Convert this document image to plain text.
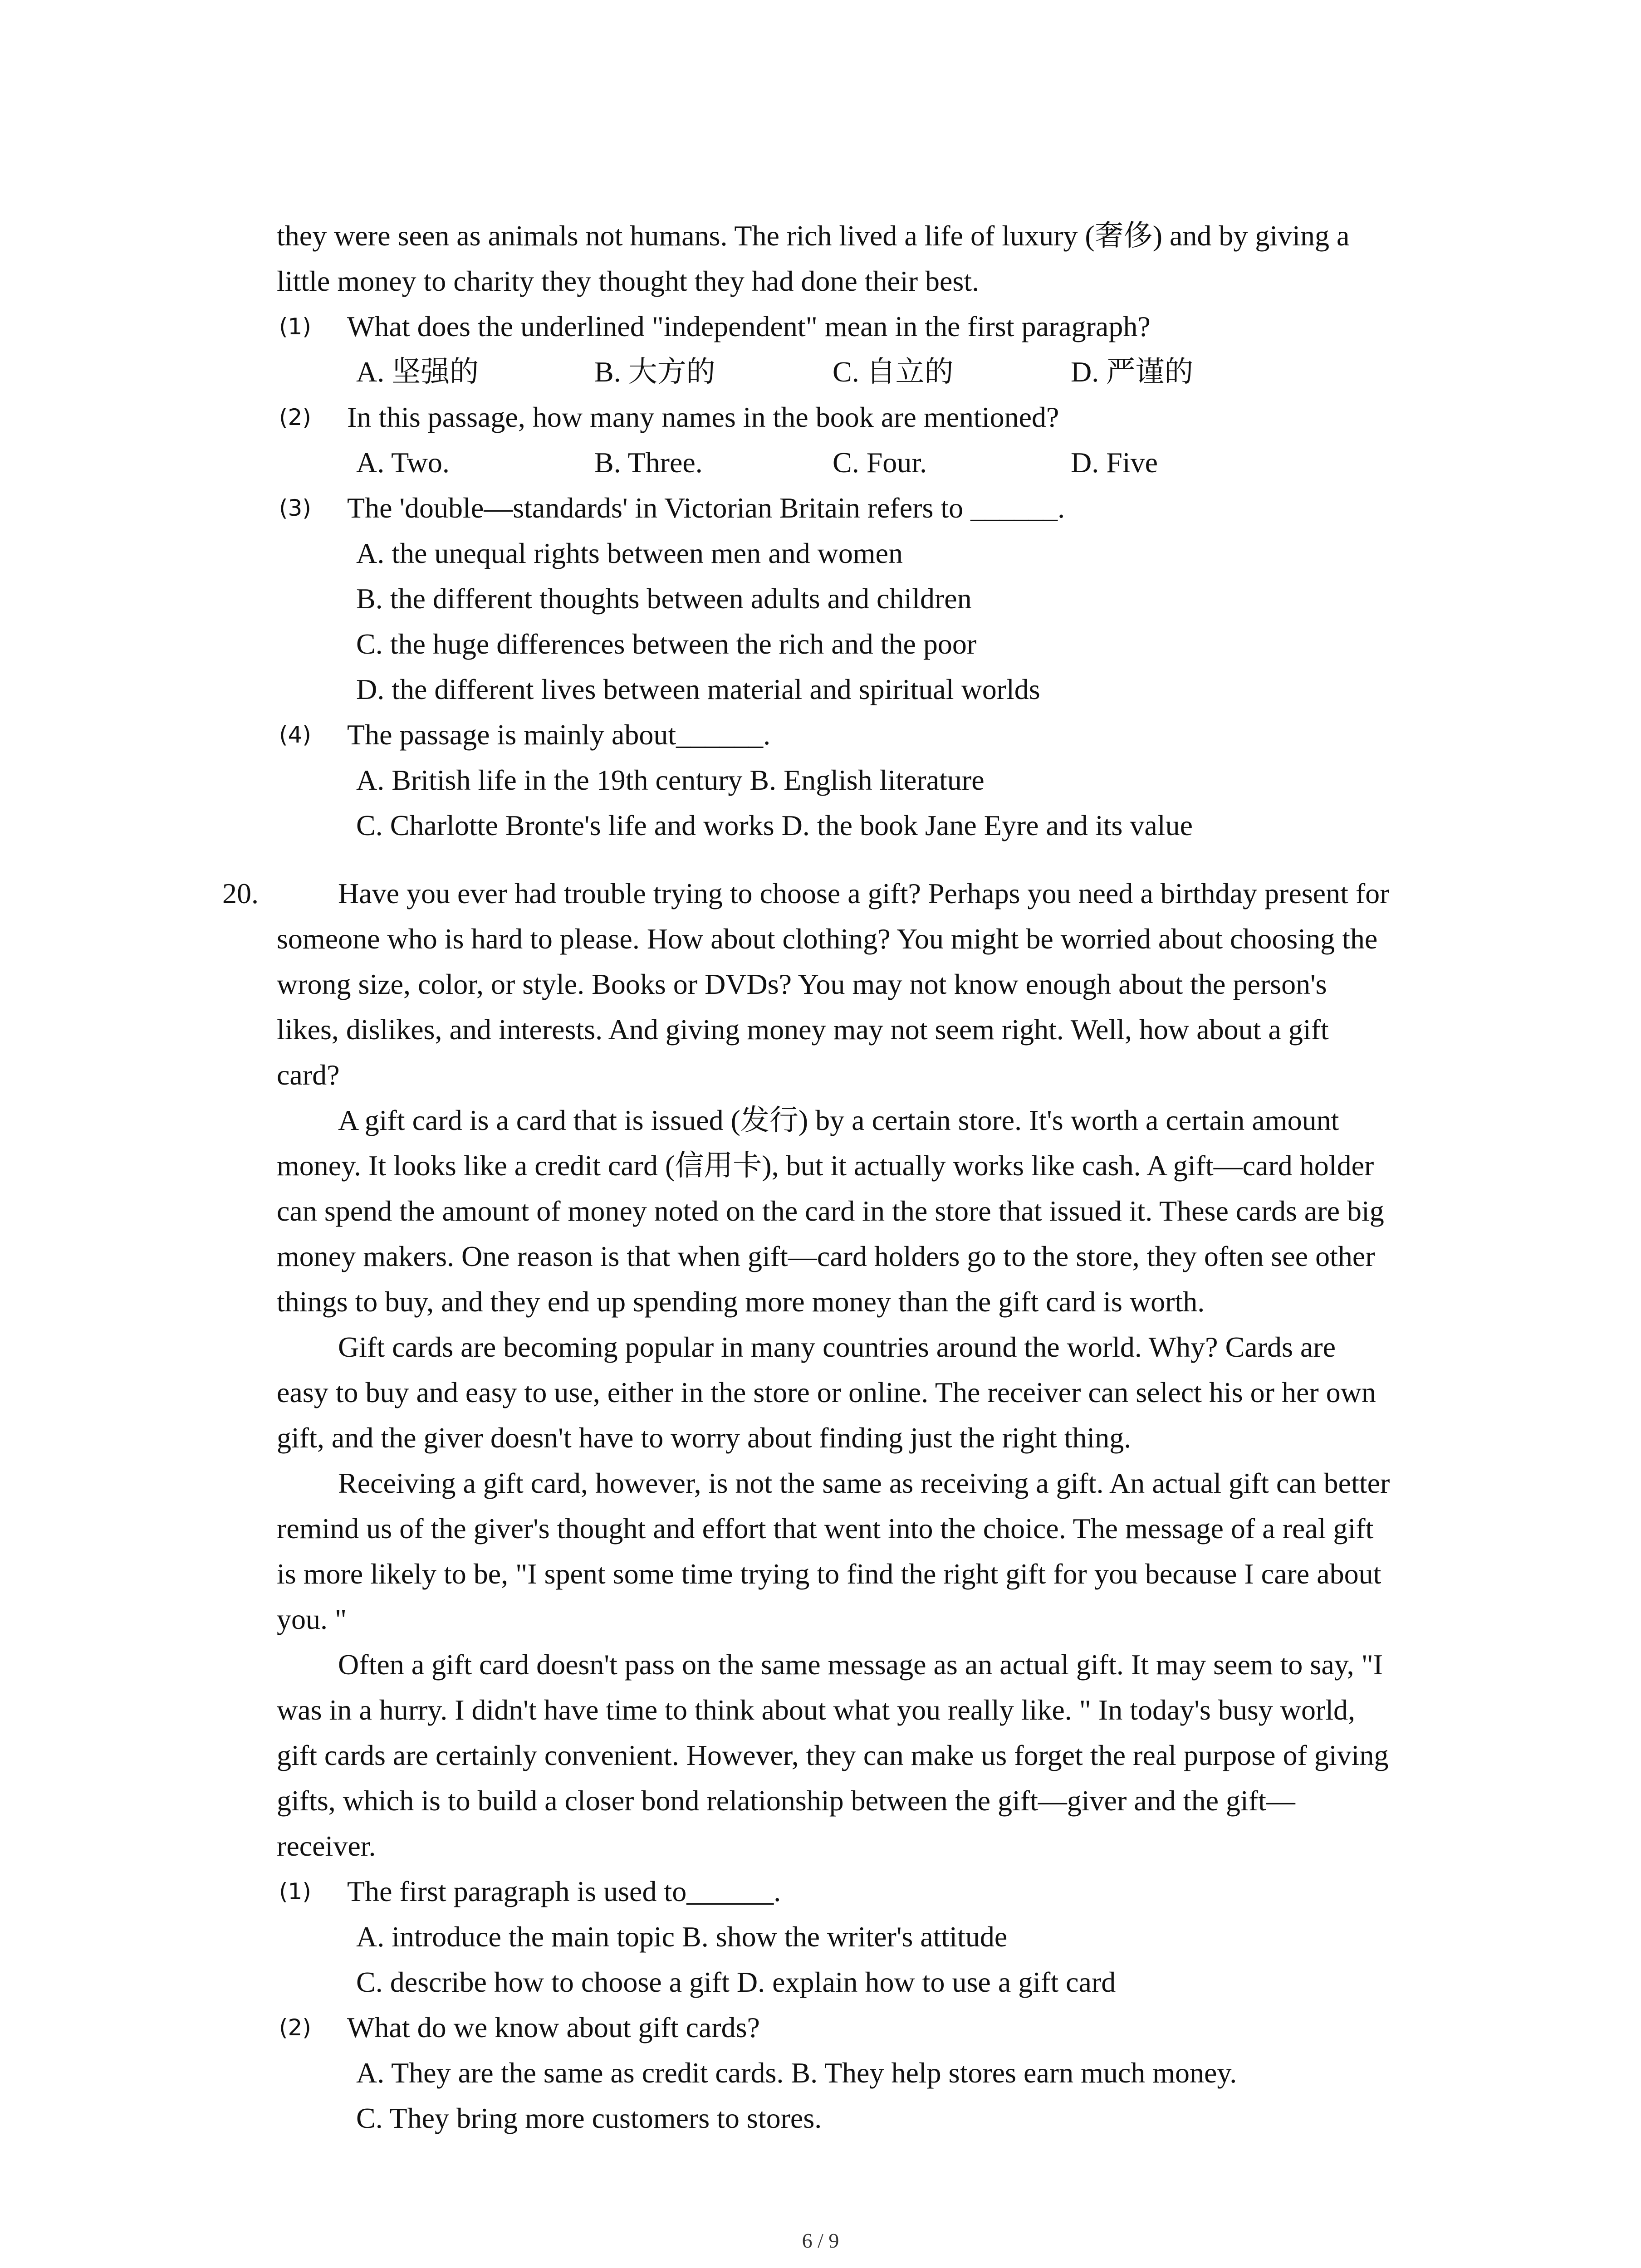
they were seen as animals not humans. The rich lived a life of luxury (奢侈) and by giving a
little money to charity they thought they had done their best.
(1) What does the underlined "independent" mean in the first paragraph?
A. 坚强的	B. 大方的	C. 自立的	D. 严谨的
(2) In this passage, how many names in the book are mentioned?
A. Two.	B. Three.	C. Four.	D. Five
(3) The 'double—standards' in Victorian Britain refers to ______.
A. the unequal rights between men and women
B. the different thoughts between adults and children
C. the huge differences between the rich and the poor
D. the different lives between material and spiritual worlds
(4) The passage is mainly about______.
A. British life in the 19th century B. English literature
C. Charlotte Bronte's life and works D. the book Jane Eyre and its value
20.	Have you ever had trouble trying to choose a gift? Perhaps you need a birthday present for
someone who is hard to please. How about clothing? You might be worried about choosing the
wrong size, color, or style. Books or DVDs? You may not know enough about the person's
likes, dislikes, and interests. And giving money may not seem right. Well, how about a gift
card?
A gift card is a card that is issued (发行) by a certain store. It's worth a certain amount
money. It looks like a credit card (信用卡), but it actually works like cash. A gift—card holder
can spend the amount of money noted on the card in the store that issued it. These cards are big
money makers. One reason is that when gift—card holders go to the store, they often see other
things to buy, and they end up spending more money than the gift card is worth.
Gift cards are becoming popular in many countries around the world. Why? Cards are
easy to buy and easy to use, either in the store or online. The receiver can select his or her own
gift, and the giver doesn't have to worry about finding just the right thing.
Receiving a gift card, however, is not the same as receiving a gift. An actual gift can better
remind us of the giver's thought and effort that went into the choice. The message of a real gift
is more likely to be, "I spent some time trying to find the right gift for you because I care about
you. "
Often a gift card doesn't pass on the same message as an actual gift. It may seem to say, "I
was in a hurry. I didn't have time to think about what you really like. " In today's busy world,
gift cards are certainly convenient. However, they can make us forget the real purpose of giving
gifts, which is to build a closer bond relationship between the gift—giver and the gift—
receiver.
(1) The first paragraph is used to______.
A. introduce the main topic B. show the writer's attitude
C. describe how to choose a gift D. explain how to use a gift card
(2) What do we know about gift cards?
A. They are the same as credit cards. B. They help stores earn much money.
C. They bring more customers to stores.
6 / 9
